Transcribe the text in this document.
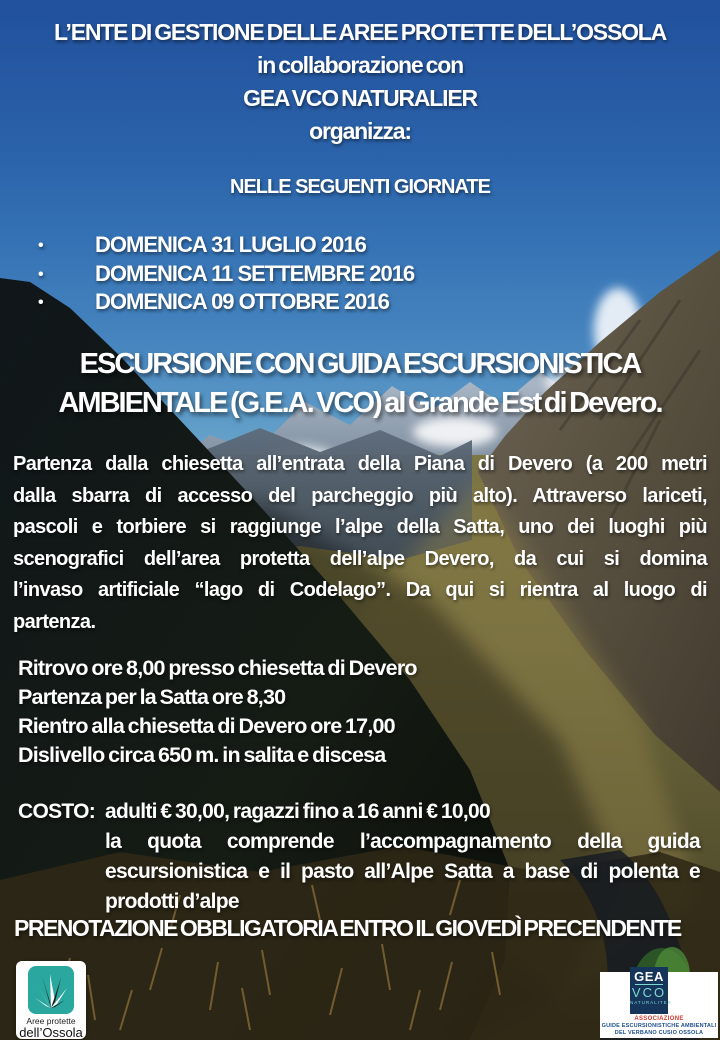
L’ENTE DI GESTIONE DELLE AREE PROTETTE DELL’OSSOLA
in collaborazione con
GEA VCO NATURALIER
organizza:
NELLE SEGUENTI GIORNATE
• DOMENICA 31 LUGLIO 2016
• DOMENICA 11 SETTEMBRE 2016
• DOMENICA 09 OTTOBRE 2016
ESCURSIONE CON GUIDA ESCURSIONISTICA
AMBIENTALE (G.E.A. VCO) al Grande Est di Devero.
Partenza dalla chiesetta all’entrata della Piana di Devero (a 200 metri
dalla sbarra di accesso del parcheggio più alto). Attraverso lariceti,
pascoli e torbiere si raggiunge l’alpe della Satta, uno dei luoghi più
scenografici dell’area protetta dell’alpe Devero, da cui si domina
l’invaso artificiale “lago di Codelago”. Da qui si rientra al luogo di
partenza.
Ritrovo ore 8,00 presso chiesetta di Devero
Partenza per la Satta ore 8,30
Rientro alla chiesetta di Devero ore 17,00
Dislivello circa 650 m. in salita e discesa
COSTO: adulti € 30,00, ragazzi fino a 16 anni € 10,00
la quota comprende l’accompagnamento della guida
escursionistica e il pasto all’Alpe Satta a base di polenta e
prodotti d’alpe
PRENOTAZIONE OBBLIGATORIA ENTRO IL GIOVEDÌ PRECENDENTE
Aree protette
dell’Ossola
GEA
VCO
NATURALITER
ASSOCIAZIONE
GUIDE ESCURSIONISTICHE AMBIENTALI
DEL VERBANO CUSIO OSSOLA
